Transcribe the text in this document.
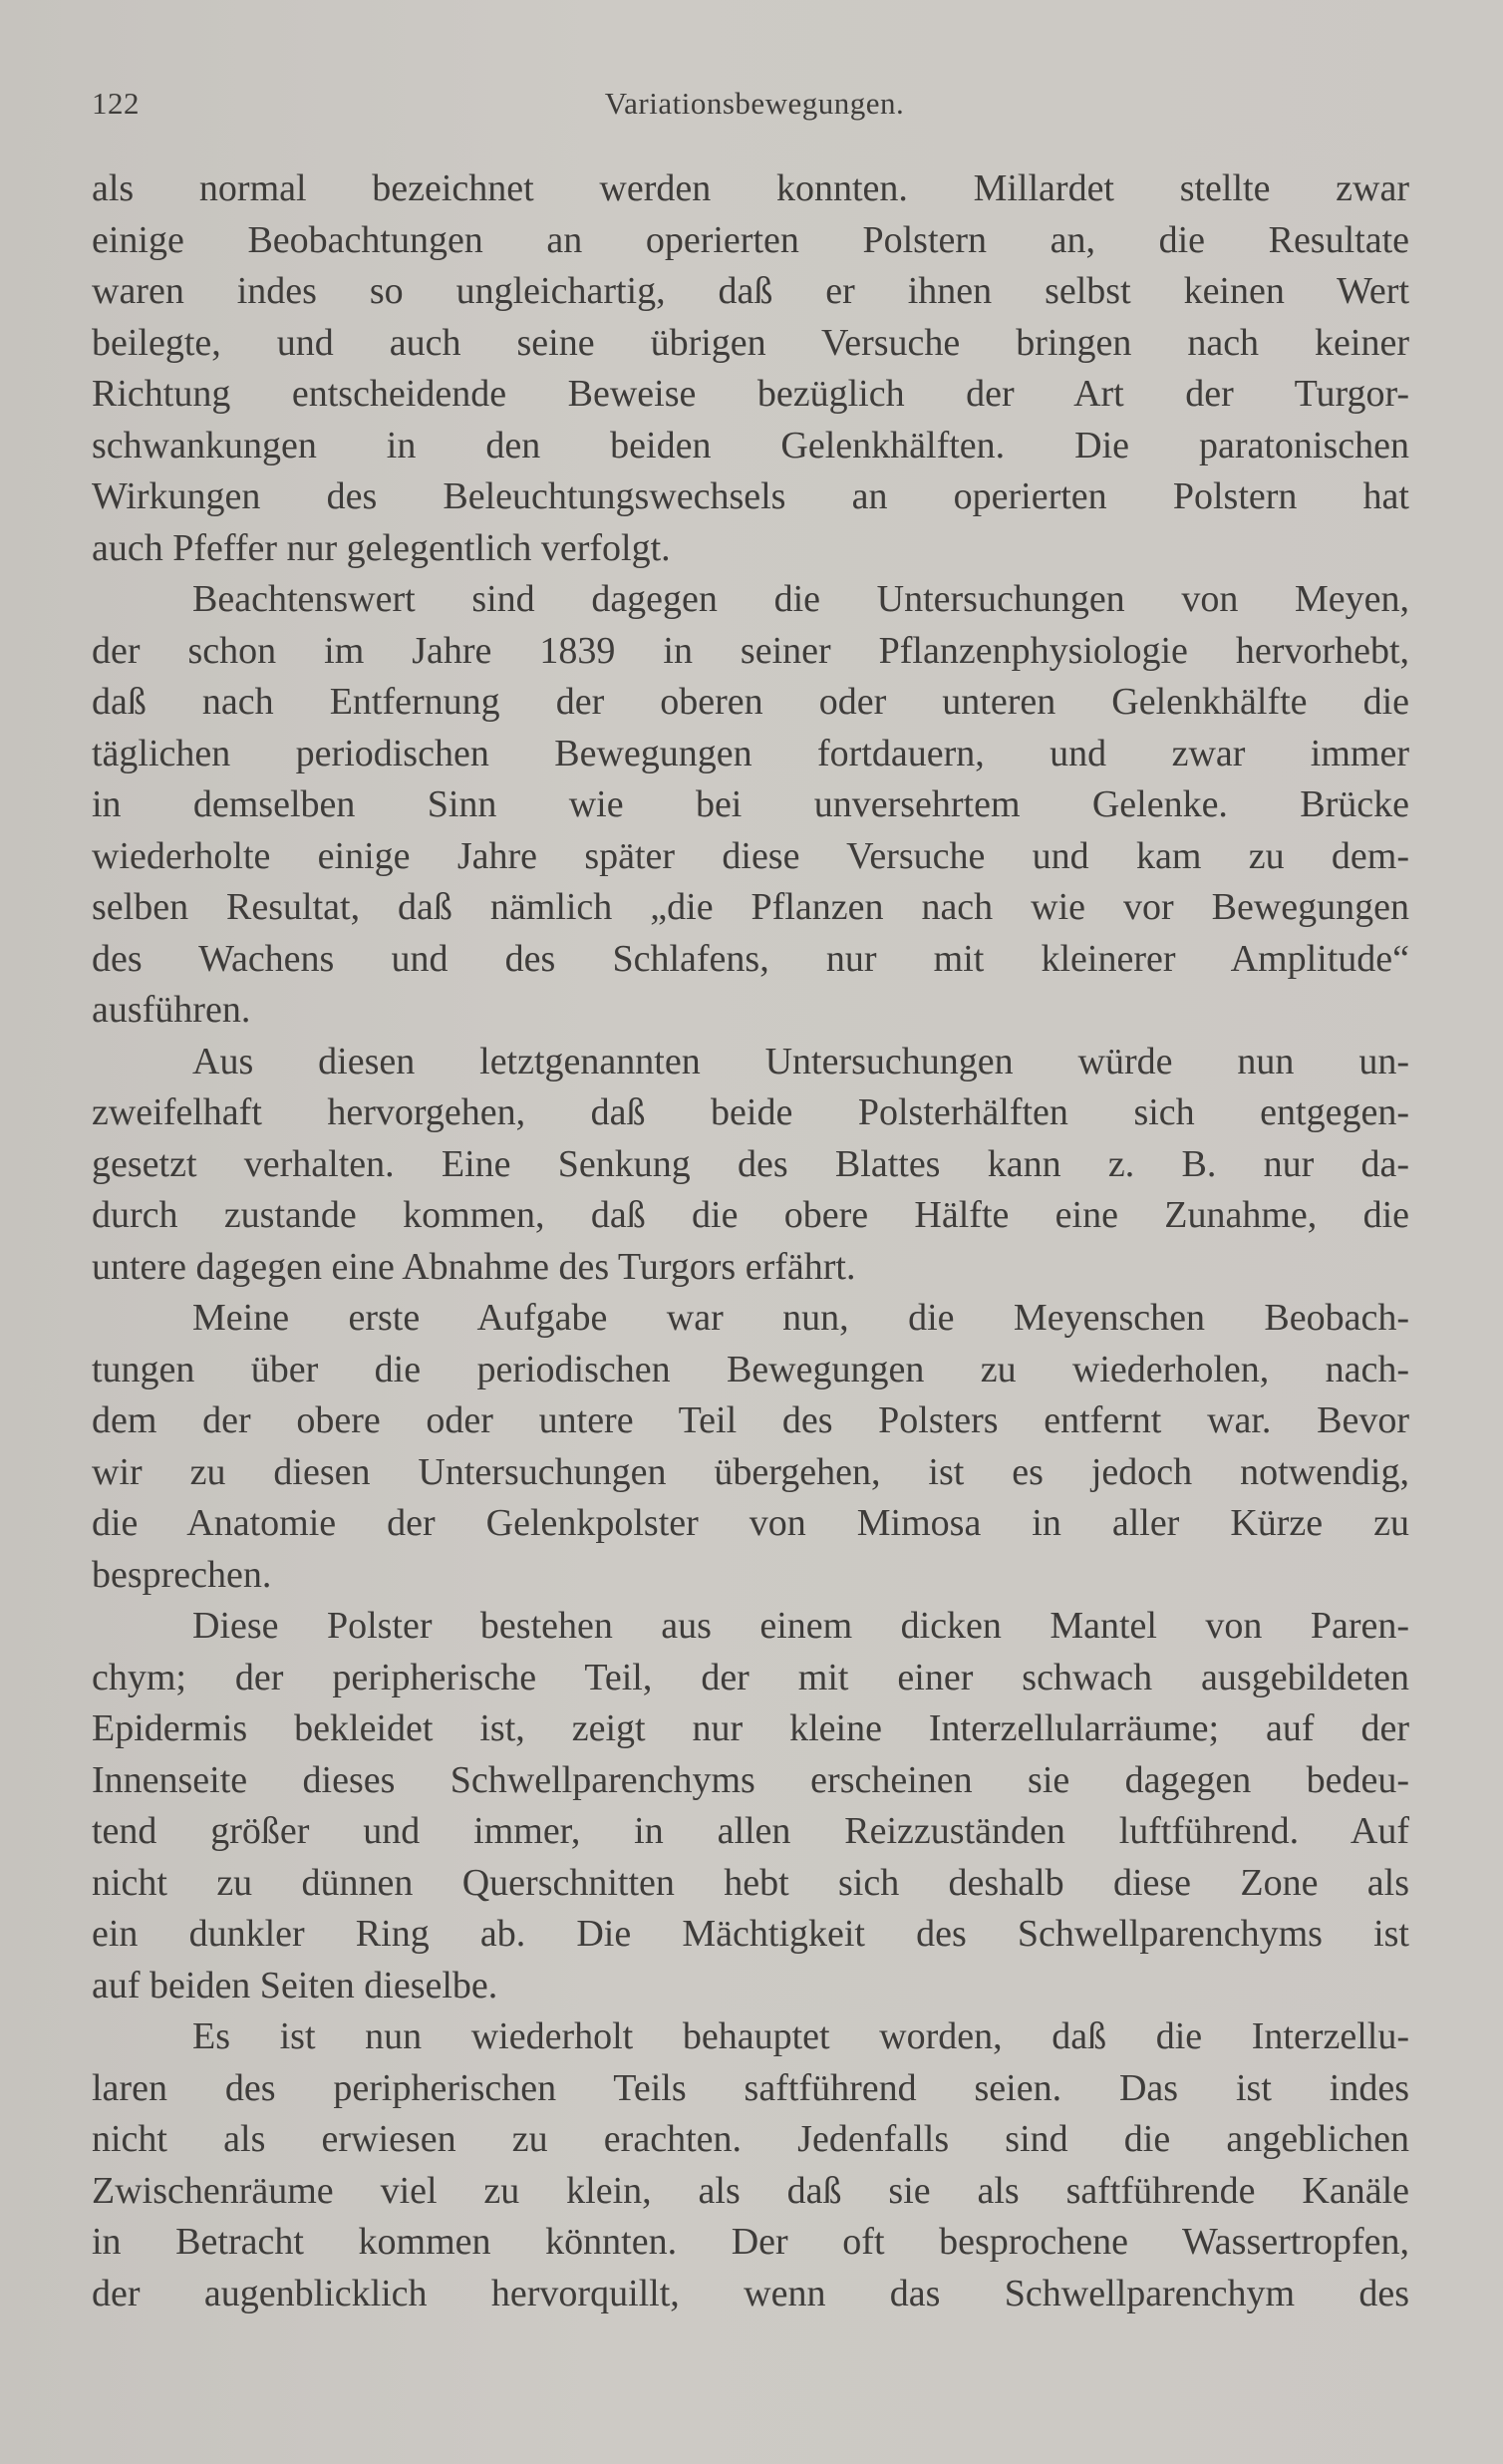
122	Variationsbewegungen.
als normal bezeichnet werden konnten. Millardet stellte zwar
einige Beobachtungen an operierten Polstern an, die Resultate
waren indes so ungleichartig, daß er ihnen selbst keinen Wert
beilegte, und auch seine übrigen Versuche bringen nach keiner
Richtung entscheidende Beweise bezüglich der Art der Turgor-
schwankungen in den beiden Gelenkhälften. Die paratonischen
Wirkungen des Beleuchtungswechsels an operierten Polstern hat
auch Pfeffer nur gelegentlich verfolgt.
Beachtenswert sind dagegen die Untersuchungen von Meyen,
der schon im Jahre 1839 in seiner Pflanzenphysiologie hervorhebt,
daß nach Entfernung der oberen oder unteren Gelenkhälfte die
täglichen periodischen Bewegungen fortdauern, und zwar immer
in demselben Sinn wie bei unversehrtem Gelenke. Brücke
wiederholte einige Jahre später diese Versuche und kam zu dem-
selben Resultat, daß nämlich „die Pflanzen nach wie vor Bewegungen
des Wachens und des Schlafens, nur mit kleinerer Amplitude“
ausführen.
Aus diesen letztgenannten Untersuchungen würde nun un-
zweifelhaft hervorgehen, daß beide Polsterhälften sich entgegen-
gesetzt verhalten. Eine Senkung des Blattes kann z. B. nur da-
durch zustande kommen, daß die obere Hälfte eine Zunahme, die
untere dagegen eine Abnahme des Turgors erfährt.
Meine erste Aufgabe war nun, die Meyenschen Beobach-
tungen über die periodischen Bewegungen zu wiederholen, nach-
dem der obere oder untere Teil des Polsters entfernt war. Bevor
wir zu diesen Untersuchungen übergehen, ist es jedoch notwendig,
die Anatomie der Gelenkpolster von Mimosa in aller Kürze zu
besprechen.
Diese Polster bestehen aus einem dicken Mantel von Paren-
chym; der peripherische Teil, der mit einer schwach ausgebildeten
Epidermis bekleidet ist, zeigt nur kleine Interzellularräume; auf der
Innenseite dieses Schwellparenchyms erscheinen sie dagegen bedeu-
tend größer und immer, in allen Reizzuständen luftführend. Auf
nicht zu dünnen Querschnitten hebt sich deshalb diese Zone als
ein dunkler Ring ab. Die Mächtigkeit des Schwellparenchyms ist
auf beiden Seiten dieselbe.
Es ist nun wiederholt behauptet worden, daß die Interzellu-
laren des peripherischen Teils saftführend seien. Das ist indes
nicht als erwiesen zu erachten. Jedenfalls sind die angeblichen
Zwischenräume viel zu klein, als daß sie als saftführende Kanäle
in Betracht kommen könnten. Der oft besprochene Wassertropfen,
der augenblicklich hervorquillt, wenn das Schwellparenchym des
